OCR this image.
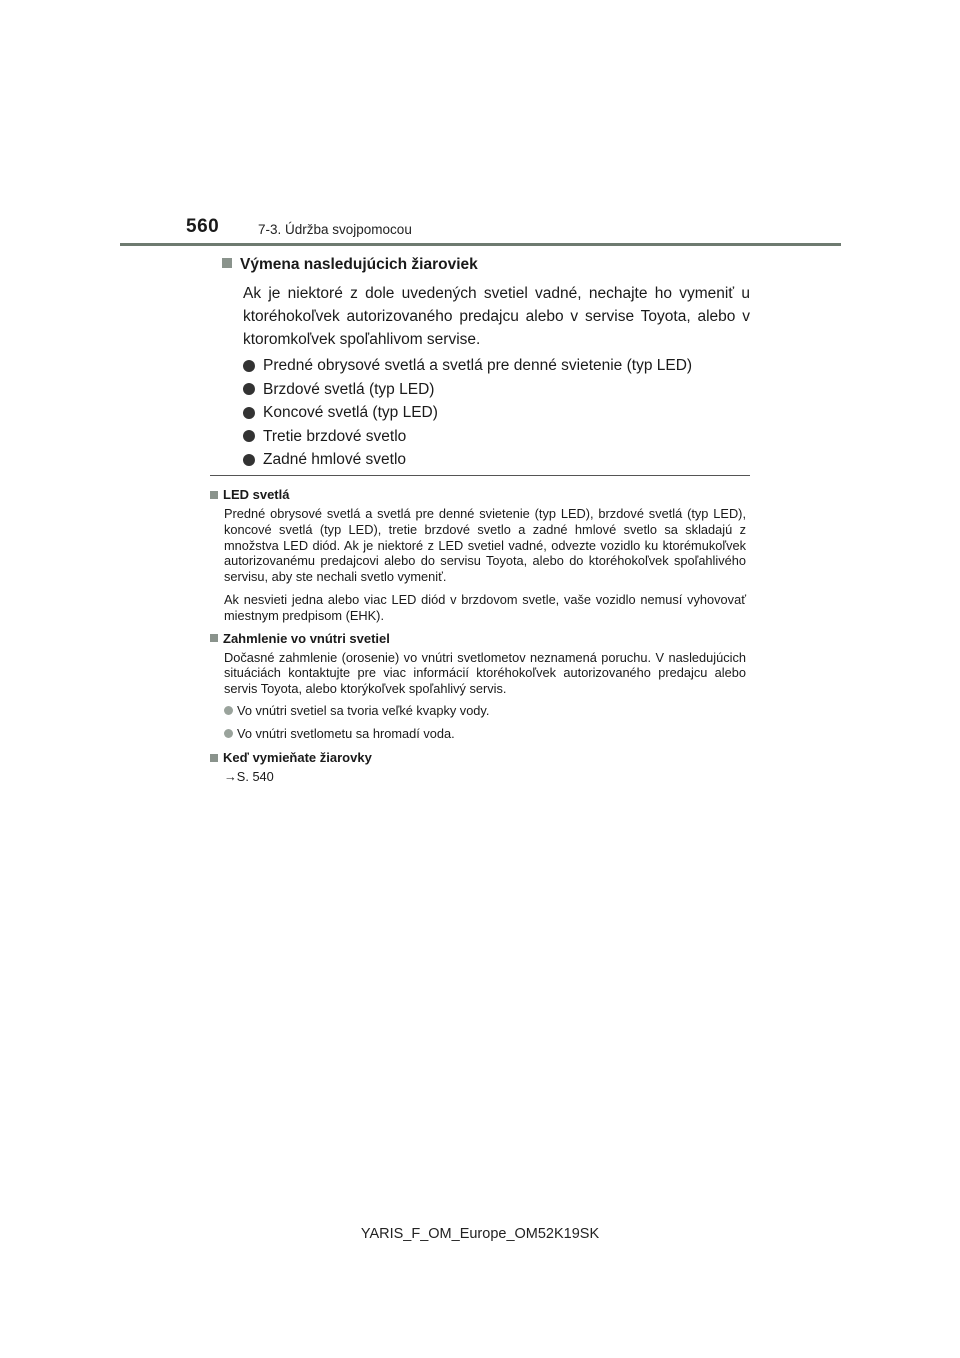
560	7-3. Údržba svojpomocou
Výmena nasledujúcich žiaroviek
Ak je niektoré z dole uvedených svetiel vadné, nechajte ho vymeniť u ktoréhokoľvek autorizovaného predajcu alebo v servise Toyota, alebo v ktoromkoľvek spoľahlivom servise.
Predné obrysové svetlá a svetlá pre denné svietenie (typ LED)
Brzdové svetlá (typ LED)
Koncové svetlá (typ LED)
Tretie brzdové svetlo
Zadné hmlové svetlo
LED svetlá
Predné obrysové svetlá a svetlá pre denné svietenie (typ LED), brzdové svetlá (typ LED), koncové svetlá (typ LED), tretie brzdové svetlo a zadné hmlové svetlo sa skladajú z množstva LED diód. Ak je niektoré z LED svetiel vadné, odvezte vozidlo ku ktorémukoľvek autorizovanému predajcovi alebo do servisu Toyota, alebo do ktoréhokoľvek spoľahlivého servisu, aby ste nechali svetlo vymeniť.
Ak nesvieti jedna alebo viac LED diód v brzdovom svetle, vaše vozidlo nemusí vyhovovať miestnym predpisom (EHK).
Zahmlenie vo vnútri svetiel
Dočasné zahmlenie (orosenie) vo vnútri svetlometov neznamená poruchu. V nasledujúcich situáciách kontaktujte pre viac informácií ktoréhokoľvek autorizovaného predajcu alebo servis Toyota, alebo ktorýkoľvek spoľahlivý servis.
Vo vnútri svetiel sa tvoria veľké kvapky vody.
Vo vnútri svetlometu sa hromadí voda.
Keď vymieňate žiarovky
→S. 540
YARIS_F_OM_Europe_OM52K19SK
